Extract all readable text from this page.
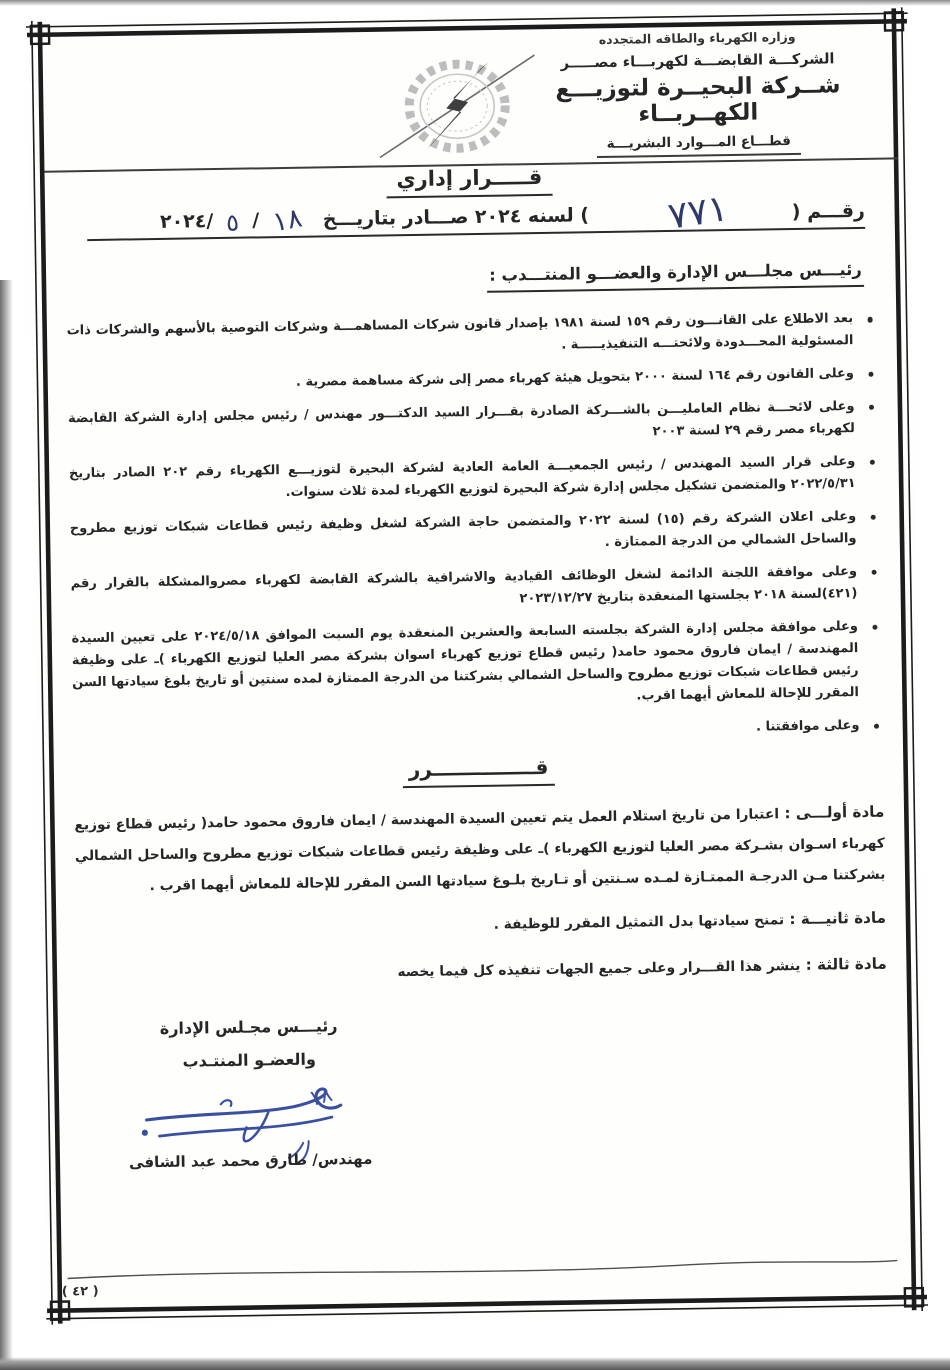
وزاره الكهرباء والطاقه المتجدده
الشركـــة القابضـــة لكهربـــاء مصـــــر
شــركة البحيــرة لتوزيـــع الكهــربــاء
قطـــاع المـــوارد البشريـــة
قـــــرار إداري
رقـــم (
٧٧١
) لسنه ٢٠٢٤ صـــادر بتاريـــخ
١٨
/
٥
/٢٠٢٤
رئيـــس مجلـــس الإدارة والعضـــو المنتـــدب :
بعد الاطلاع على القانـــون رقم ١٥٩ لسنة ١٩٨١ بإصدار قانون شركات المساهمـــة وشركات التوصية بالأسهم والشركات ذات المسئولية المحـــدودة ولائحتـــه التنفيذيـــــة .
وعلى القانون رقم ١٦٤ لسنة ٢٠٠٠ بتحويل هيئة كهرباء مصر إلى شركة مساهمة مصرية .
وعلى لائحـــة نظام العامليـــن بالشـــركة الصادرة بقـــرار السيد الدكتـــور مهندس / رئيس مجلس إدارة الشركة القابضة لكهرباء مصر رقم ٢٩ لسنة ٢٠٠٣
وعلى قرار السيد المهندس / رئيس الجمعيـــة العامة العادية لشركة البحيرة لتوزيـــع الكهرباء رقم ٢٠٢ الصادر بتاريخ ٢٠٢٢/٥/٣١ والمتضمن تشكيل مجلس إدارة شركة البحيرة لتوزيع الكهرباء لمدة ثلاث سنوات.
وعلى اعلان الشركة رقم (١٥) لسنة ٢٠٢٢ والمتضمن حاجة الشركة لشغل وظيفة رئيس قطاعات شبكات توزيع مطروح والساحل الشمالي من الدرجة الممتازة .
وعلى موافقة اللجنة الدائمة لشغل الوظائف القيادية والاشرافية بالشركة القابضة لكهرباء مصروالمشكلة بالقرار رقم (٤٢١)لسنة ٢٠١٨ بجلستها المنعقدة بتاريخ ٢٠٢٣/١٢/٢٧
وعلى موافقة مجلس إدارة الشركة بجلسته السابعة والعشرين المنعقدة يوم السبت الموافق ٢٠٢٤/٥/١٨ على تعيين السيدة المهندسة / ايمان فاروق محمود حامد( رئيس قطاع توزيع كهرباء اسوان بشركة مصر العليا لتوزيع الكهرباء )ـ على وظيفة رئيس قطاعات شبكات توزيع مطروح والساحل الشمالي بشركتنا من الدرجة الممتازة لمده سنتين أو تاريخ بلوغ سيادتها السن المقرر للإحالة للمعاش أيهما اقرب.
وعلى موافقتنا .
قـــــــــــــــرر

مادة أولـــى : اعتبارا من تاريخ استلام العمل يتم تعيين السيدة المهندسة / ايمان فاروق محمود حامد( رئيس قطاع توزيع كهرباء اسـوان بشـركة مصر العليا لتوزيع الكهرباء )ـ على وظيفة رئيس قطاعات شبكات توزيع مطروح والساحل الشمالي بشركتنا مـن الدرجـة الممتـازة لمـده سـنتين أو تـاريخ بلـوغ سيادتها السن المقرر للإحالة للمعاش أيهما اقرب .

مادة ثانيـــة : تمنح سيادتها بدل التمثيل المقرر للوظيفة .

مادة ثالثة : ينشر هذا القـــرار وعلى جميع الجهات تنفيذه كل فيما يخصه

رئيـــس مجـلس الإدارة
والعضـو المنتـدب
١٨
مهندس/ طارق محمد عبد الشافى
( ٤٢ )
